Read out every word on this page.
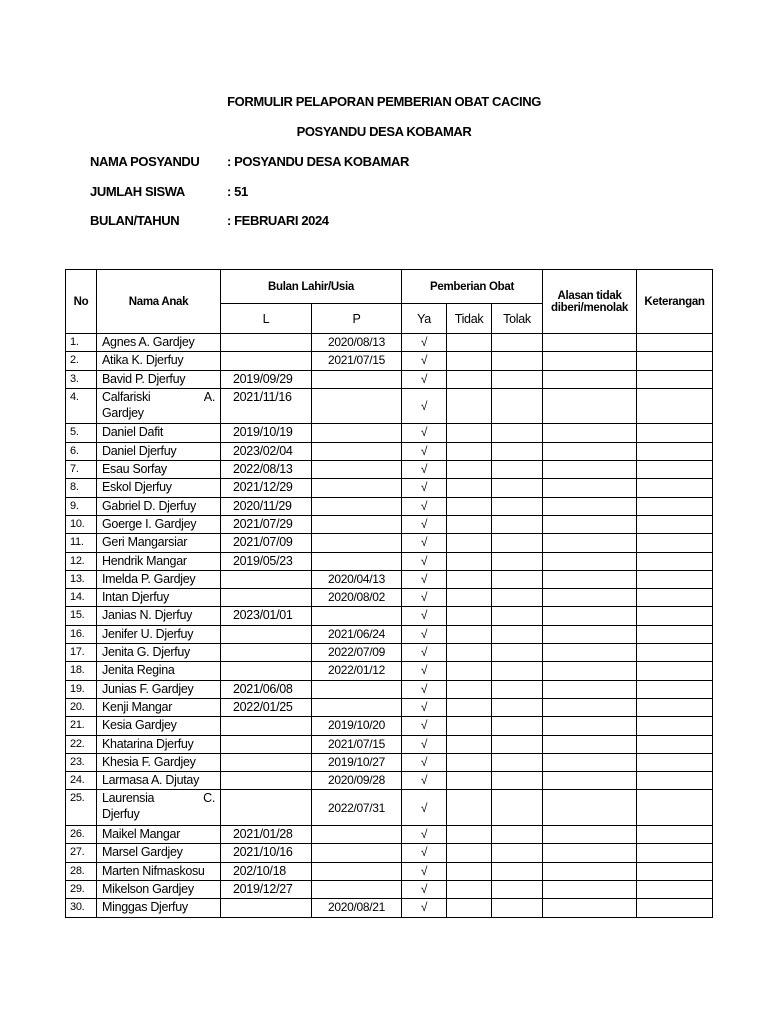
FORMULIR PELAPORAN PEMBERIAN OBAT CACING
POSYANDU DESA KOBAMAR
NAMA POSYANDU : POSYANDU DESA KOBAMAR
JUMLAH SISWA	: 51
BULAN/TAHUN	: FEBRUARI 2024
No	Nama Anak	Bulan Lahir/Usia		Pemberian Obat			Alasan tidak diberi/menolak	Keterangan
		L	P	Ya	Tidak	Tolak		
1.	Agnes A. Gardjey		2020/08/13	√				
2.	Atika K. Djerfuy		2021/07/15	√				
3.	Bavid P. Djerfuy	2019/09/29		√				
4.	Calfariski A.
Gardjey	2021/11/16		√				
5.	Daniel Dafit	2019/10/19		√				
6.	Daniel Djerfuy	2023/02/04		√				
7.	Esau Sorfay	2022/08/13		√				
8.	Eskol Djerfuy	2021/12/29		√				
9.	Gabriel D. Djerfuy	2020/11/29		√				
10.	Goerge I. Gardjey	2021/07/29		√				
11.	Geri Mangarsiar	2021/07/09		√				
12.	Hendrik Mangar	2019/05/23		√				
13.	Imelda P. Gardjey		2020/04/13	√				
14.	Intan Djerfuy		2020/08/02	√				
15.	Janias N. Djerfuy	2023/01/01		√				
16.	Jenifer U. Djerfuy		2021/06/24	√				
17.	Jenita G. Djerfuy		2022/07/09	√				
18.	Jenita Regina		2022/01/12	√				
19.	Junias F. Gardjey	2021/06/08		√				
20.	Kenji Mangar	2022/01/25		√				
21.	Kesia Gardjey		2019/10/20	√				
22.	Khatarina Djerfuy		2021/07/15	√				
23.	Khesia F. Gardjey		2019/10/27	√				
24.	Larmasa A. Djutay		2020/09/28	√				
25.	Laurensia C.
Djerfuy		2022/07/31	√				
26.	Maikel Mangar	2021/01/28		√				
27.	Marsel Gardjey	2021/10/16		√				
28.	Marten Nifmaskosu	202/10/18		√				
29.	Mikelson Gardjey	2019/12/27		√				
30.	Minggas Djerfuy		2020/08/21	√				
